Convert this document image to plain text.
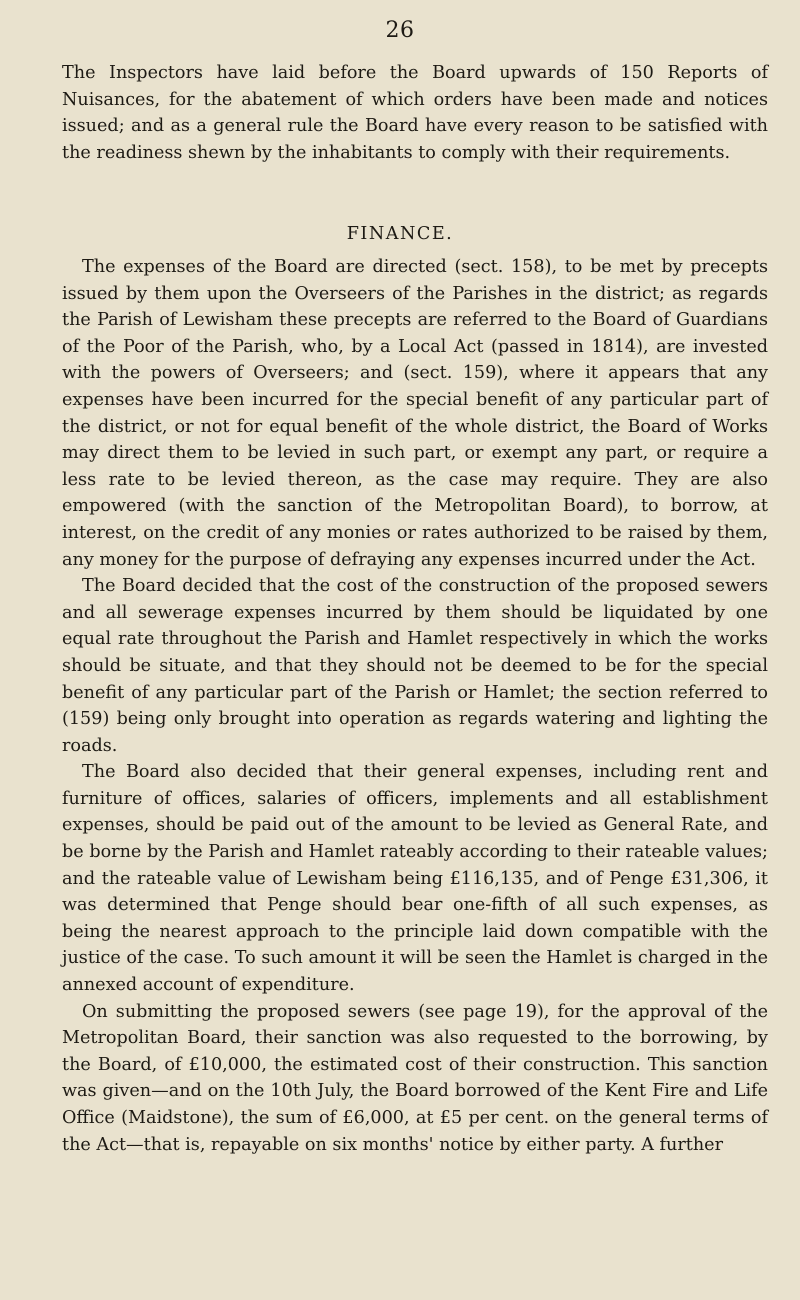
26

The Inspectors have laid before the Board upwards of 150 Reports of Nuisances, for the abatement of which orders have been made and notices issued; and as a general rule the Board have every reason to be satisfied with the readiness shewn by the inhabitants to comply with their requirements.

FINANCE.

The expenses of the Board are directed (sect. 158), to be met by precepts issued by them upon the Overseers of the Parishes in the district; as regards the Parish of Lewisham these precepts are referred to the Board of Guardians of the Poor of the Parish, who, by a Local Act (passed in 1814), are invested with the powers of Overseers; and (sect. 159), where it appears that any expenses have been incurred for the special benefit of any particular part of the district, or not for equal benefit of the whole district, the Board of Works may direct them to be levied in such part, or exempt any part, or require a less rate to be levied thereon, as the case may require. They are also empowered (with the sanction of the Metropolitan Board), to borrow, at interest, on the credit of any monies or rates authorized to be raised by them, any money for the purpose of defraying any expenses incurred under the Act.

The Board decided that the cost of the construction of the proposed sewers and all sewerage expenses incurred by them should be liquidated by one equal rate throughout the Parish and Hamlet respectively in which the works should be situate, and that they should not be deemed to be for the special benefit of any particular part of the Parish or Hamlet; the section referred to (159) being only brought into operation as regards watering and lighting the roads.

The Board also decided that their general expenses, including rent and furniture of offices, salaries of officers, implements and all establishment expenses, should be paid out of the amount to be levied as General Rate, and be borne by the Parish and Hamlet rateably according to their rateable values; and the rateable value of Lewisham being £116,135, and of Penge £31,306, it was determined that Penge should bear one-fifth of all such expenses, as being the nearest approach to the principle laid down compatible with the justice of the case. To such amount it will be seen the Hamlet is charged in the annexed account of expenditure.

On submitting the proposed sewers (see page 19), for the approval of the Metropolitan Board, their sanction was also requested to the borrowing, by the Board, of £10,000, the estimated cost of their construction. This sanction was given—and on the 10th July, the Board borrowed of the Kent Fire and Life Office (Maidstone), the sum of £6,000, at £5 per cent. on the general terms of the Act—that is, repayable on six months' notice by either party. A further
